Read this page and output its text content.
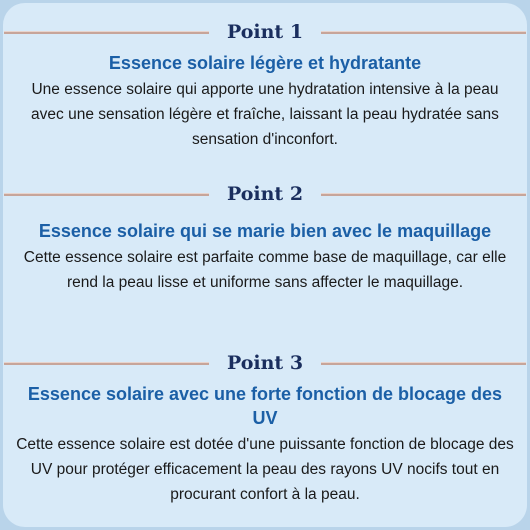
Point 1
Essence solaire légère et hydratante
Une essence solaire qui apporte une hydratation intensive à la peau avec une sensation légère et fraîche, laissant la peau hydratée sans sensation d'inconfort.
Point 2
Essence solaire qui se marie bien avec le maquillage
Cette essence solaire est parfaite comme base de maquillage, car elle rend la peau lisse et uniforme sans affecter le maquillage.
Point 3
Essence solaire avec une forte fonction de blocage des UV
Cette essence solaire est dotée d'une puissante fonction de blocage des UV pour protéger efficacement la peau des rayons UV nocifs tout en procurant confort à la peau.
